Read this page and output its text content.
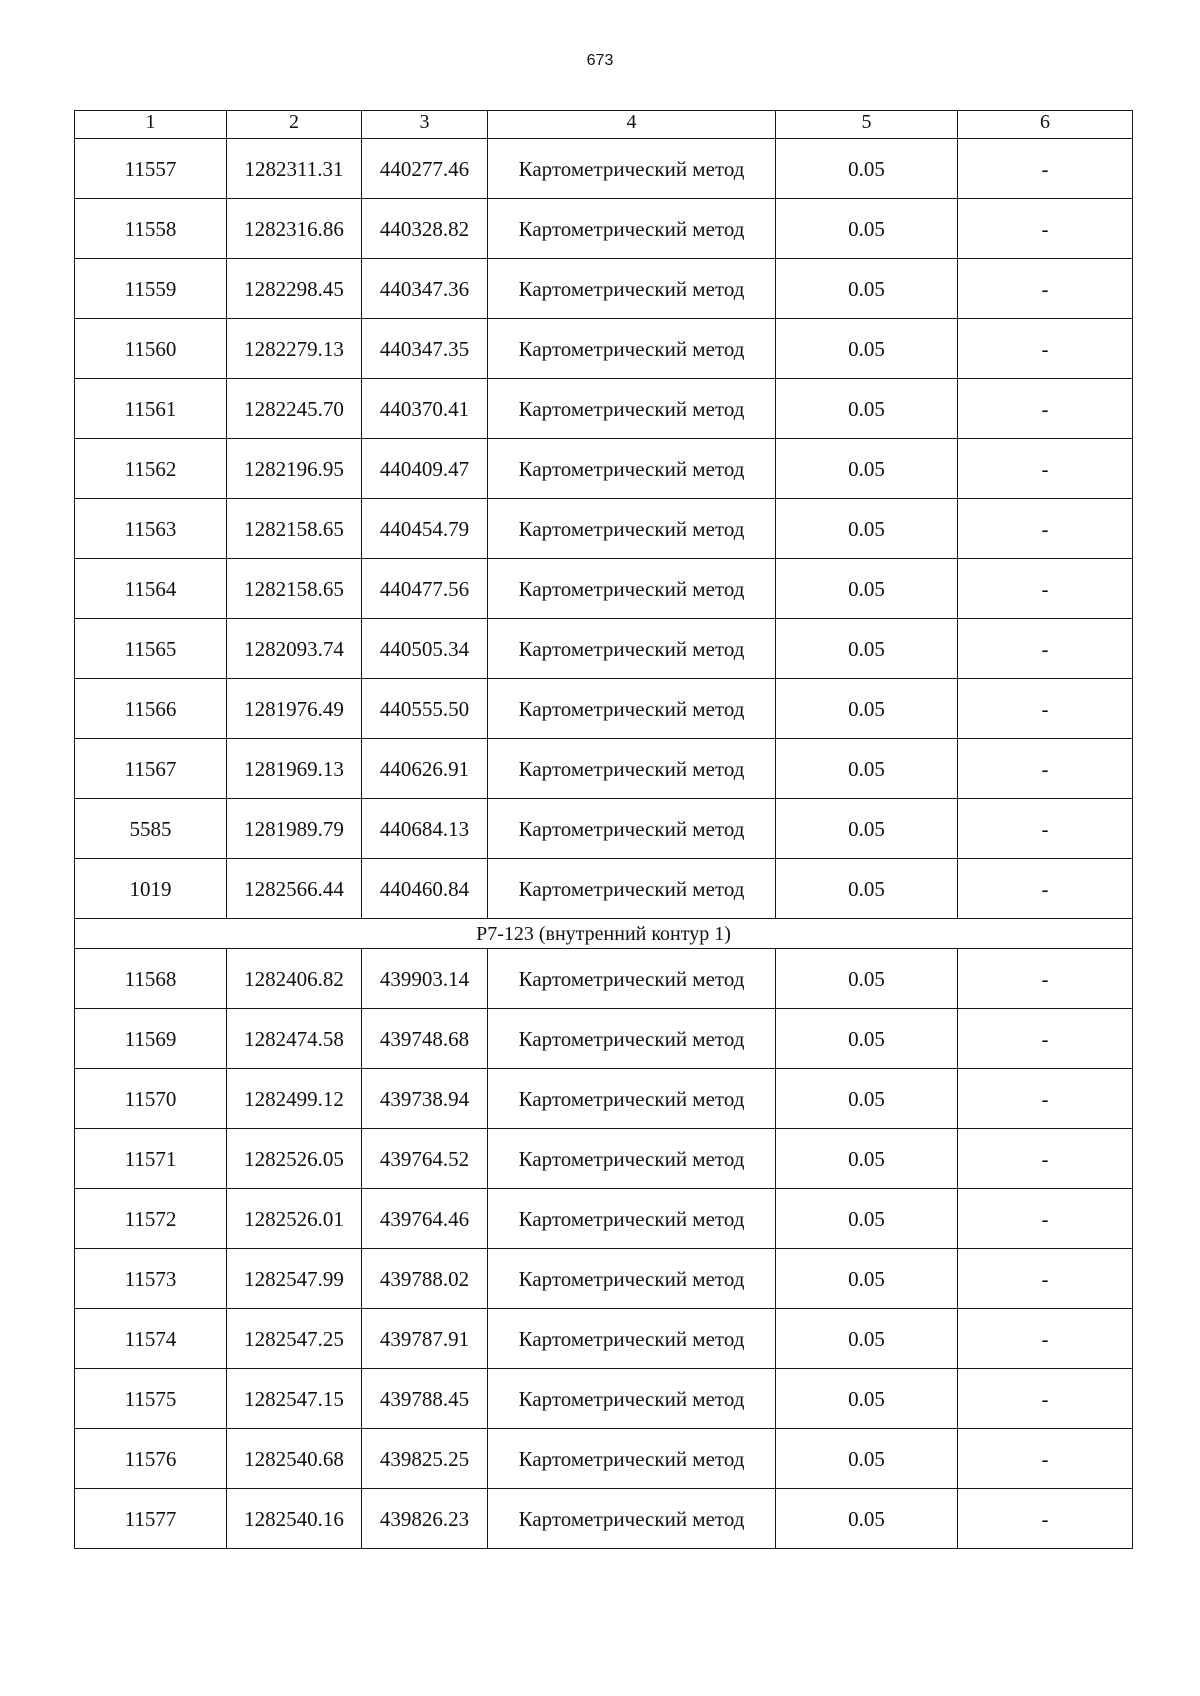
673
1	2	3	4	5	6
11557	1282311.31	440277.46	Картометрический метод	0.05	-
11558	1282316.86	440328.82	Картометрический метод	0.05	-
11559	1282298.45	440347.36	Картометрический метод	0.05	-
11560	1282279.13	440347.35	Картометрический метод	0.05	-
11561	1282245.70	440370.41	Картометрический метод	0.05	-
11562	1282196.95	440409.47	Картометрический метод	0.05	-
11563	1282158.65	440454.79	Картометрический метод	0.05	-
11564	1282158.65	440477.56	Картометрический метод	0.05	-
11565	1282093.74	440505.34	Картометрический метод	0.05	-
11566	1281976.49	440555.50	Картометрический метод	0.05	-
11567	1281969.13	440626.91	Картометрический метод	0.05	-
5585	1281989.79	440684.13	Картометрический метод	0.05	-
1019	1282566.44	440460.84	Картометрический метод	0.05	-
Р7-123 (внутренний контур 1)					
11568	1282406.82	439903.14	Картометрический метод	0.05	-
11569	1282474.58	439748.68	Картометрический метод	0.05	-
11570	1282499.12	439738.94	Картометрический метод	0.05	-
11571	1282526.05	439764.52	Картометрический метод	0.05	-
11572	1282526.01	439764.46	Картометрический метод	0.05	-
11573	1282547.99	439788.02	Картометрический метод	0.05	-
11574	1282547.25	439787.91	Картометрический метод	0.05	-
11575	1282547.15	439788.45	Картометрический метод	0.05	-
11576	1282540.68	439825.25	Картометрический метод	0.05	-
11577	1282540.16	439826.23	Картометрический метод	0.05	-
